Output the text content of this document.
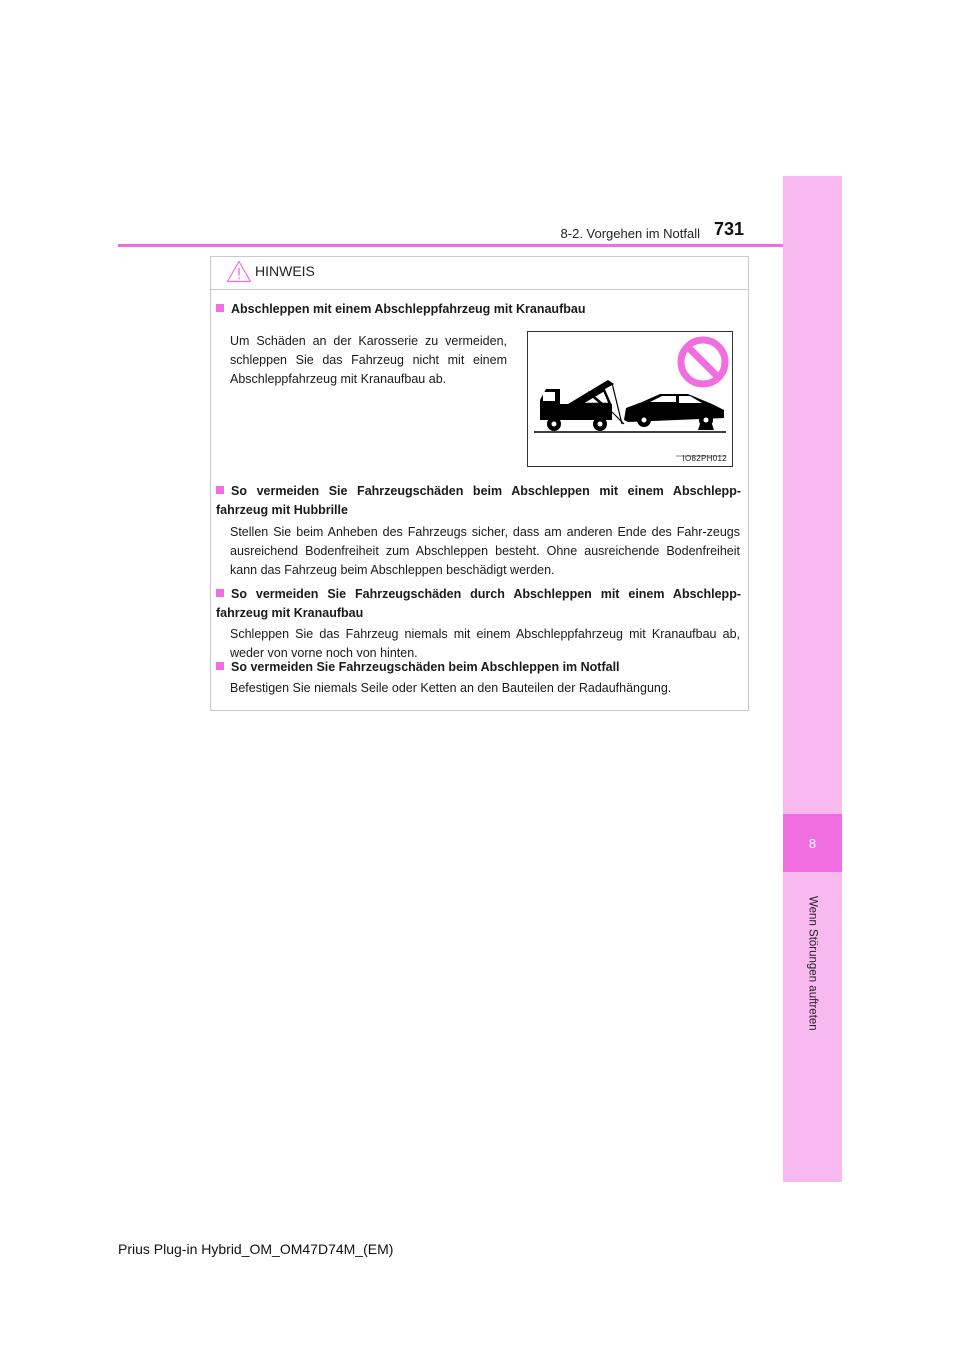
8
Wenn Störungen auftreten
8-2. Vorgehen im Notfall 731
HINWEIS
Abschleppen mit einem Abschleppfahrzeug mit Kranaufbau
Um Schäden an der Karosserie zu vermeiden, schleppen Sie das Fahrzeug nicht mit einem Abschleppfahrzeug mit Kranaufbau ab.
IO82PH012
So vermeiden Sie Fahrzeugschäden beim Abschleppen mit einem Abschlepp-fahrzeug mit Hubbrille
Stellen Sie beim Anheben des Fahrzeugs sicher, dass am anderen Ende des Fahr-zeugs ausreichend Bodenfreiheit zum Abschleppen besteht. Ohne ausreichende Bodenfreiheit kann das Fahrzeug beim Abschleppen beschädigt werden.
So vermeiden Sie Fahrzeugschäden durch Abschleppen mit einem Abschlepp-fahrzeug mit Kranaufbau
Schleppen Sie das Fahrzeug niemals mit einem Abschleppfahrzeug mit Kranaufbau ab, weder von vorne noch von hinten.
So vermeiden Sie Fahrzeugschäden beim Abschleppen im Notfall
Befestigen Sie niemals Seile oder Ketten an den Bauteilen der Radaufhängung.
Prius Plug-in Hybrid_OM_OM47D74M_(EM)
